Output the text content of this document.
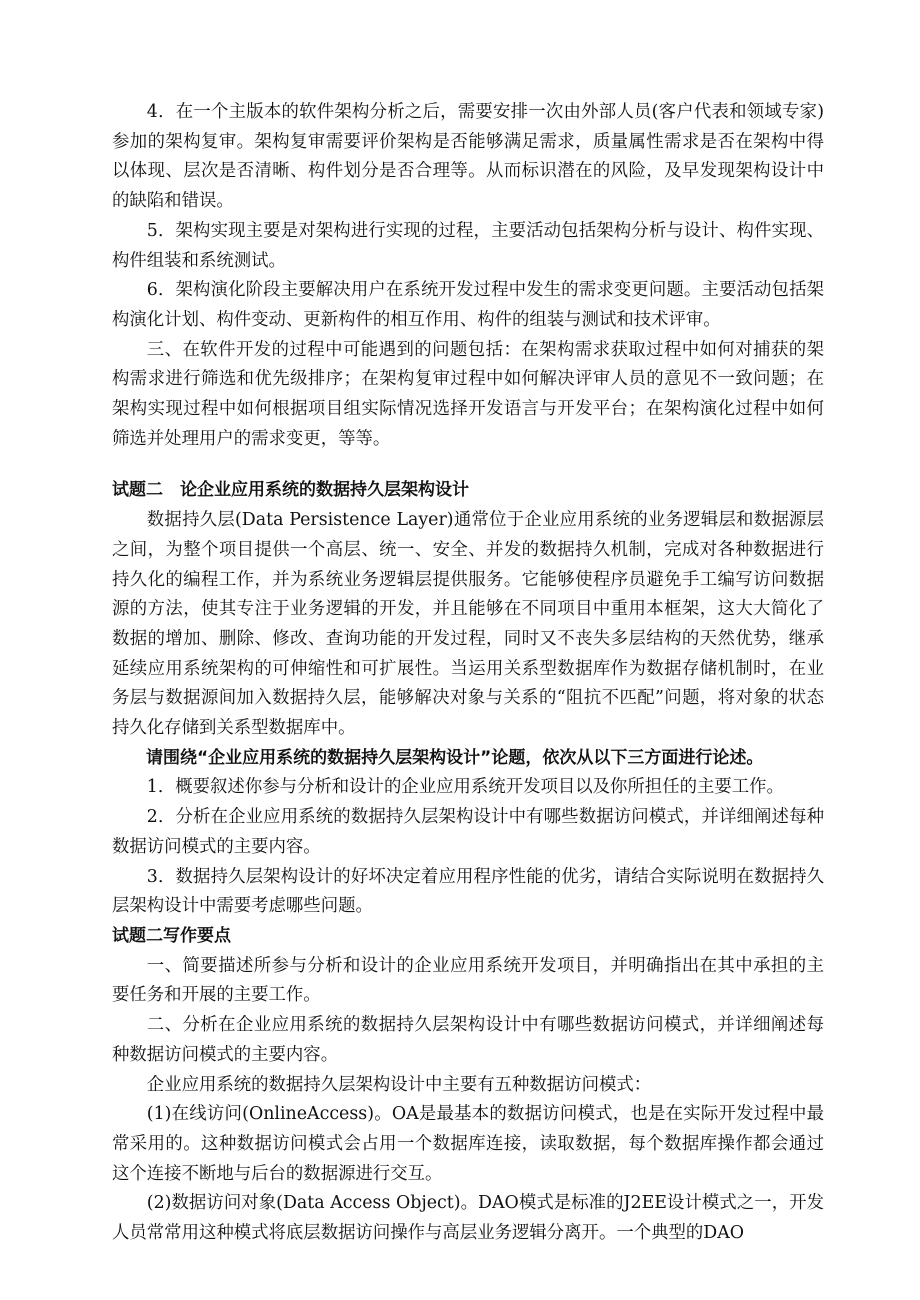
4．在一个主版本的软件架构分析之后，需要安排一次由外部人员(客户代表和领域专家)参加的架构复审。架构复审需要评价架构是否能够满足需求，质量属性需求是否在架构中得以体现、层次是否清晰、构件划分是否合理等。从而标识潜在的风险，及早发现架构设计中的缺陷和错误。

5．架构实现主要是对架构进行实现的过程，主要活动包括架构分析与设计、构件实现、构件组装和系统测试。

6．架构演化阶段主要解决用户在系统开发过程中发生的需求变更问题。主要活动包括架构演化计划、构件变动、更新构件的相互作用、构件的组装与测试和技术评审。

三、在软件开发的过程中可能遇到的问题包括：在架构需求获取过程中如何对捕获的架构需求进行筛选和优先级排序；在架构复审过程中如何解决评审人员的意见不一致问题；在架构实现过程中如何根据项目组实际情况选择开发语言与开发平台；在架构演化过程中如何筛选并处理用户的需求变更，等等。

试题二　论企业应用系统的数据持久层架构设计

数据持久层(Data Persistence Layer)通常位于企业应用系统的业务逻辑层和数据源层之间，为整个项目提供一个高层、统一、安全、并发的数据持久机制，完成对各种数据进行持久化的编程工作，并为系统业务逻辑层提供服务。它能够使程序员避免手工编写访问数据源的方法，使其专注于业务逻辑的开发，并且能够在不同项目中重用本框架，这大大简化了数据的增加、删除、修改、查询功能的开发过程，同时又不丧失多层结构的天然优势，继承延续应用系统架构的可伸缩性和可扩展性。当运用关系型数据库作为数据存储机制时，在业务层与数据源间加入数据持久层，能够解决对象与关系的“阻抗不匹配”问题，将对象的状态持久化存储到关系型数据库中。

请围绕“企业应用系统的数据持久层架构设计”论题，依次从以下三方面进行论述。

1．概要叙述你参与分析和设计的企业应用系统开发项目以及你所担任的主要工作。

2．分析在企业应用系统的数据持久层架构设计中有哪些数据访问模式，并详细阐述每种数据访问模式的主要内容。

3．数据持久层架构设计的好坏决定着应用程序性能的优劣，请结合实际说明在数据持久层架构设计中需要考虑哪些问题。

试题二写作要点

一、简要描述所参与分析和设计的企业应用系统开发项目，并明确指出在其中承担的主要任务和开展的主要工作。

二、分析在企业应用系统的数据持久层架构设计中有哪些数据访问模式，并详细阐述每种数据访问模式的主要内容。

企业应用系统的数据持久层架构设计中主要有五种数据访问模式：

(1)在线访问(OnlineAccess)。OA是最基本的数据访问模式，也是在实际开发过程中最常采用的。这种数据访问模式会占用一个数据库连接，读取数据，每个数据库操作都会通过这个连接不断地与后台的数据源进行交互。

(2)数据访问对象(Data Access Object)。DAO模式是标准的J2EE设计模式之一，开发人员常常用这种模式将底层数据访问操作与高层业务逻辑分离开。一个典型的DAO
